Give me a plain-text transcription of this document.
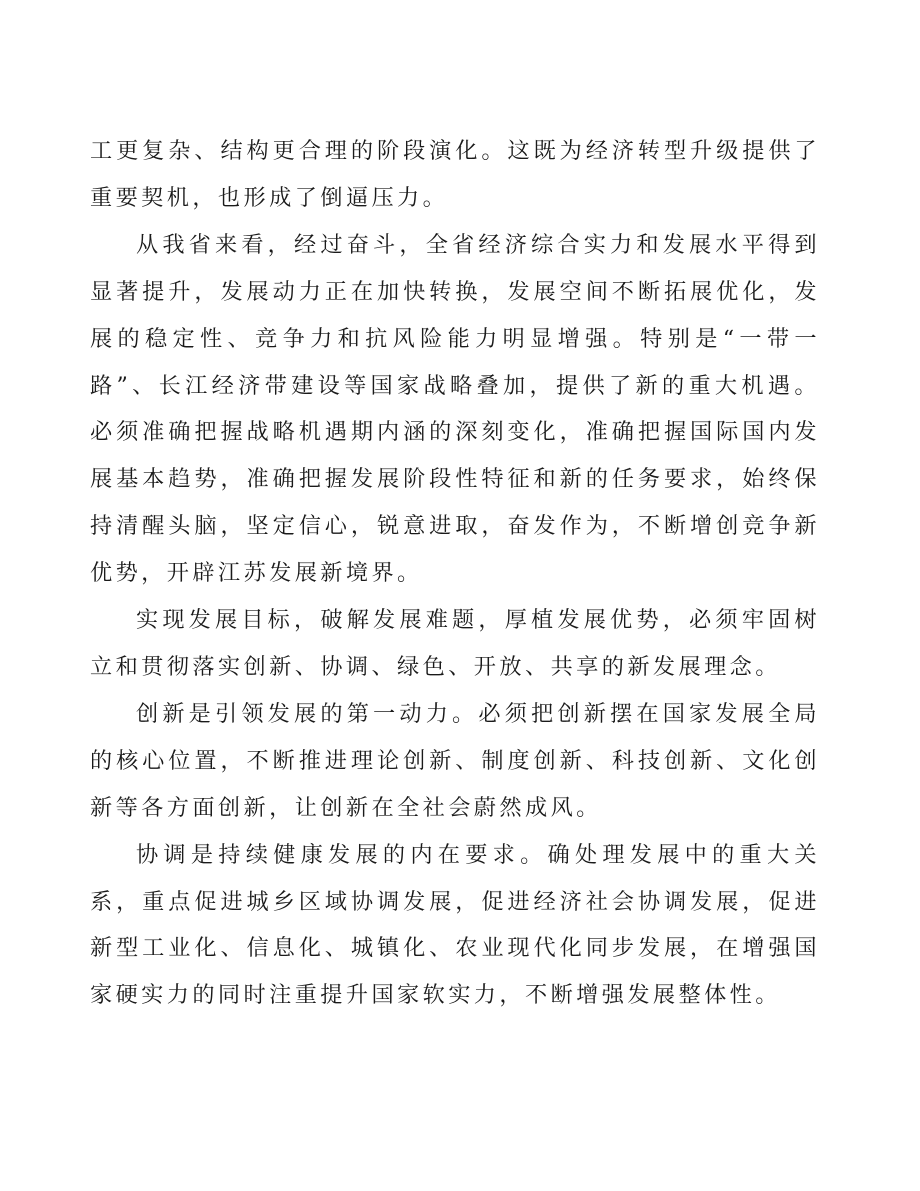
工更复杂、结构更合理的阶段演化。这既为经济转型升级提供了重要契机，也形成了倒逼压力。

从我省来看，经过奋斗，全省经济综合实力和发展水平得到显著提升，发展动力正在加快转换，发展空间不断拓展优化，发展的稳定性、竞争力和抗风险能力明显增强。特别是“一带一路”、长江经济带建设等国家战略叠加，提供了新的重大机遇。必须准确把握战略机遇期内涵的深刻变化，准确把握国际国内发展基本趋势，准确把握发展阶段性特征和新的任务要求，始终保持清醒头脑，坚定信心，锐意进取，奋发作为，不断增创竞争新优势，开辟江苏发展新境界。

实现发展目标，破解发展难题，厚植发展优势，必须牢固树立和贯彻落实创新、协调、绿色、开放、共享的新发展理念。

创新是引领发展的第一动力。必须把创新摆在国家发展全局的核心位置，不断推进理论创新、制度创新、科技创新、文化创新等各方面创新，让创新在全社会蔚然成风。

协调是持续健康发展的内在要求。确处理发展中的重大关系，重点促进城乡区域协调发展，促进经济社会协调发展，促进新型工业化、信息化、城镇化、农业现代化同步发展，在增强国家硬实力的同时注重提升国家软实力，不断增强发展整体性。
